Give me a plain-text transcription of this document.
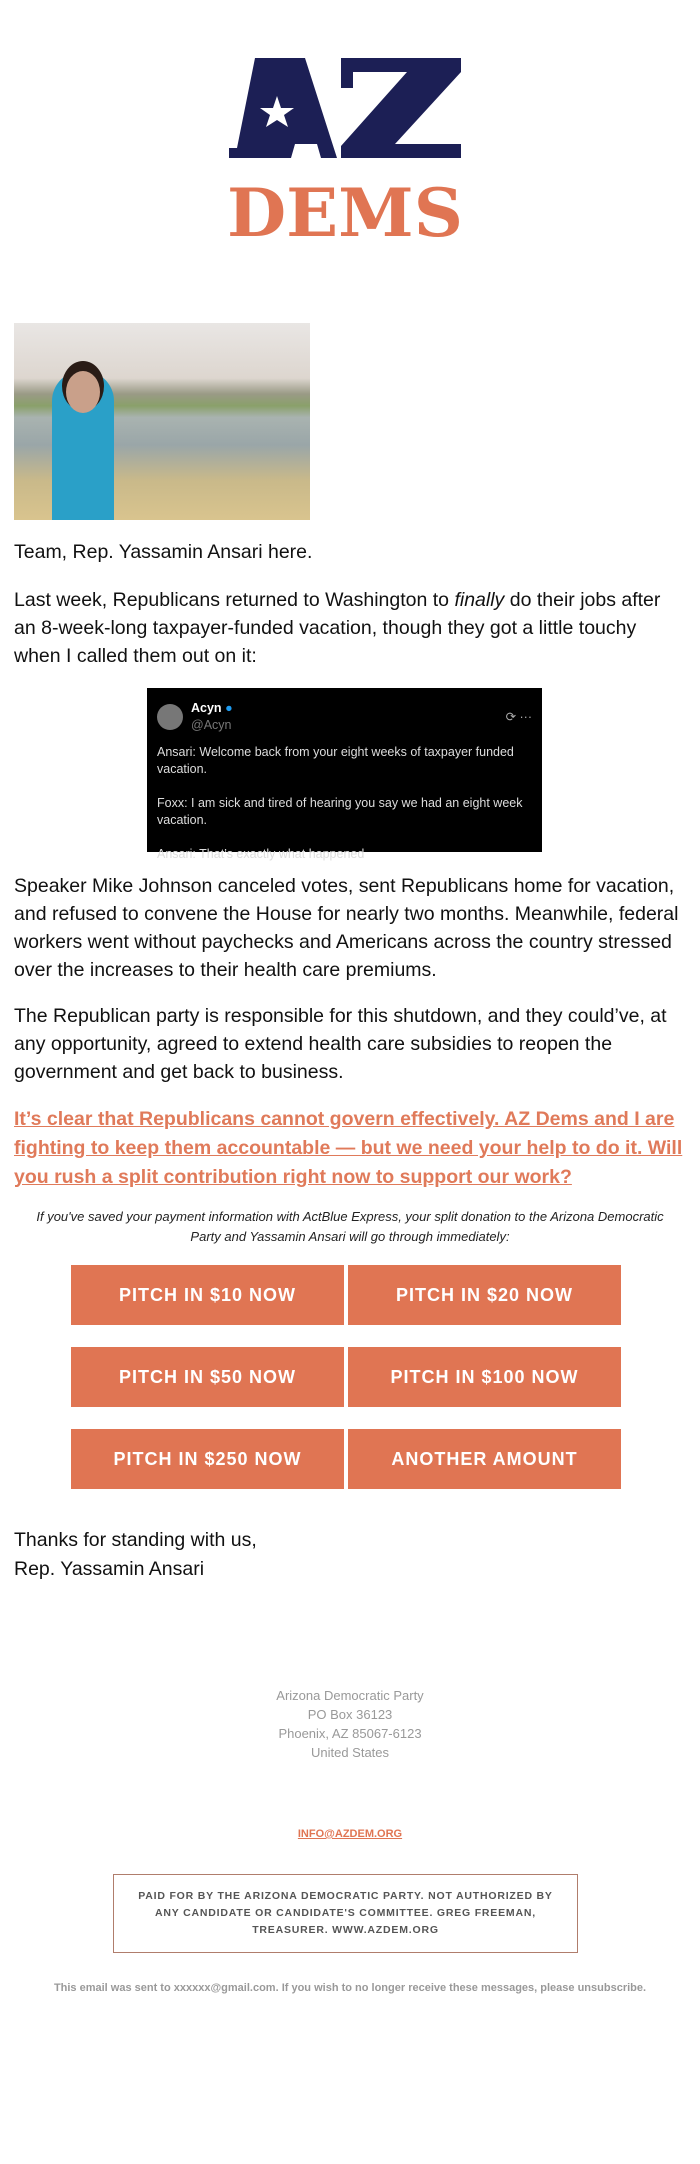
DEMS
Team, Rep. Yassamin Ansari here.
Last week, Republicans returned to Washington to finally do their jobs after an 8-week-long taxpayer-funded vacation, though they got a little touchy when I called them out on it:
Acyn ●
@Acyn
⟳ ···
Ansari: Welcome back from your eight weeks of taxpayer funded vacation.

Foxx: I am sick and tired of hearing you say we had an eight week vacation.

Ansari: That’s exactly what happened
Speaker Mike Johnson canceled votes, sent Republicans home for vacation, and refused to convene the House for nearly two months. Meanwhile, federal workers went without paychecks and Americans across the country stressed over the increases to their health care premiums.
The Republican party is responsible for this shutdown, and they could’ve, at any opportunity, agreed to extend health care subsidies to reopen the government and get back to business.
It’s clear that Republicans cannot govern effectively. AZ Dems and I are fighting to keep them accountable — but we need your help to do it. Will you rush a split contribution right now to support our work?
If you've saved your payment information with ActBlue Express, your split donation to the Arizona Democratic Party and Yassamin Ansari will go through immediately:
PITCH IN $10 NOW	PITCH IN $20 NOW
PITCH IN $50 NOW	PITCH IN $100 NOW
PITCH IN $250 NOW	ANOTHER AMOUNT
Thanks for standing with us,
Rep. Yassamin Ansari
Arizona Democratic Party
PO Box 36123
Phoenix, AZ 85067-6123
United States
INFO@AZDEM.ORG
PAID FOR BY THE ARIZONA DEMOCRATIC PARTY. NOT AUTHORIZED BY ANY CANDIDATE OR CANDIDATE'S COMMITTEE. GREG FREEMAN, TREASURER. WWW.AZDEM.ORG
This email was sent to xxxxxx@gmail.com. If you wish to no longer receive these messages, please unsubscribe.
